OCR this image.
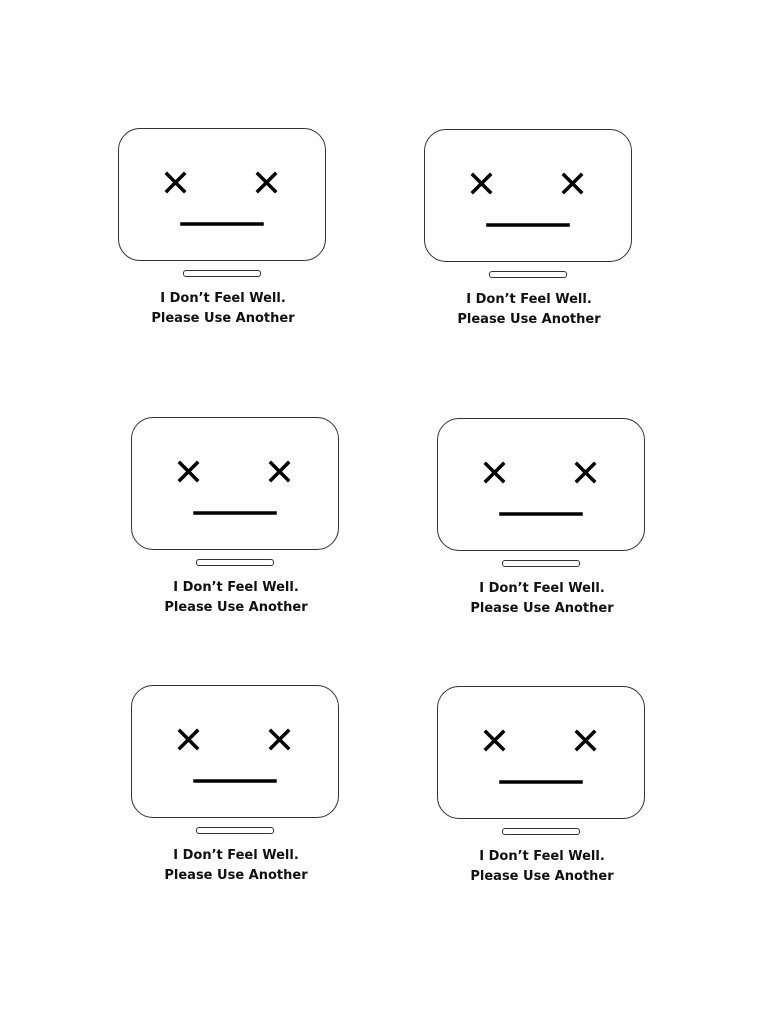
I Don’t Feel Well.
Please Use Another
I Don’t Feel Well.
Please Use Another
I Don’t Feel Well.
Please Use Another
I Don’t Feel Well.
Please Use Another
I Don’t Feel Well.
Please Use Another
I Don’t Feel Well.
Please Use Another
